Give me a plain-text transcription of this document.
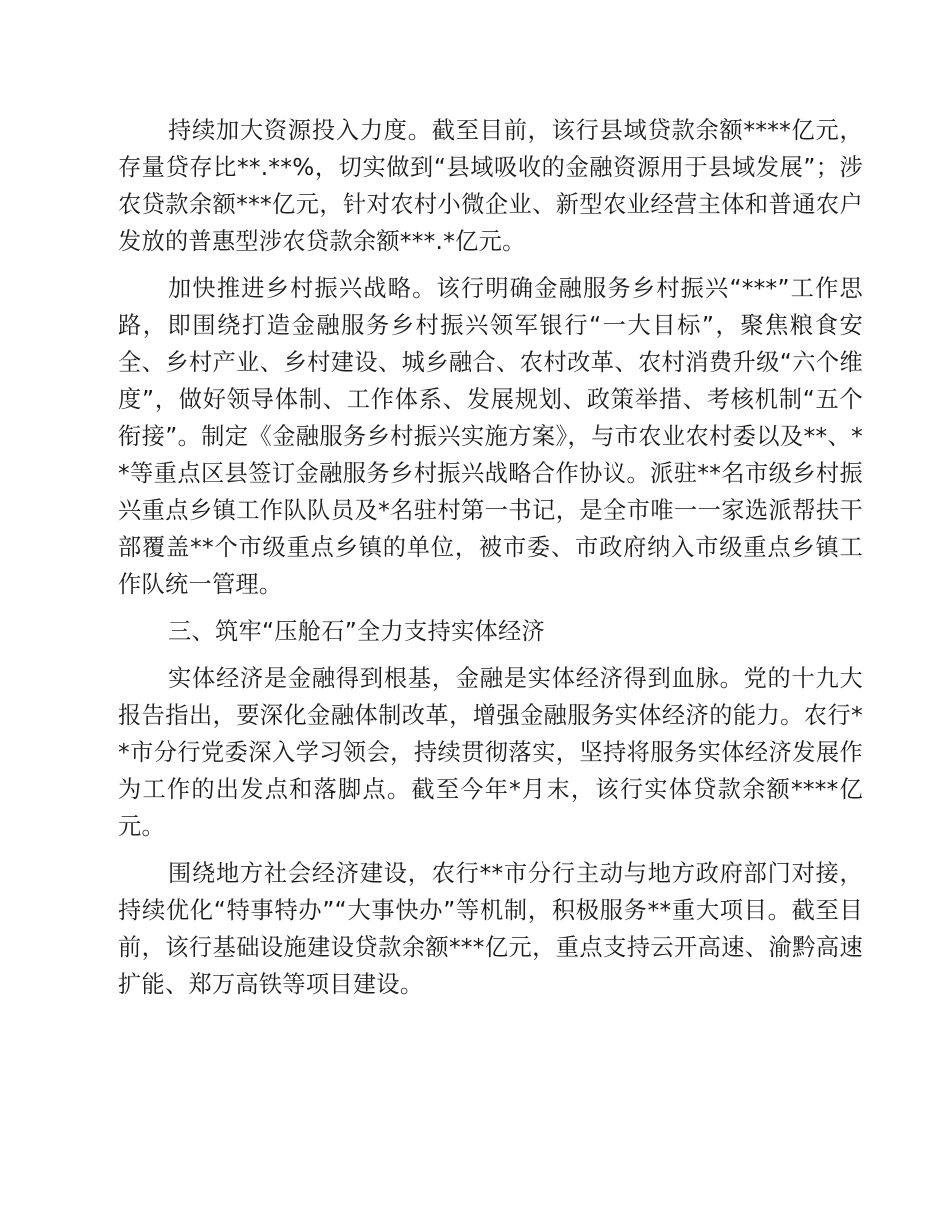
持续加大资源投入力度。截至目前，该行县域贷款余额****亿元，存量贷存比**.**%，切实做到“县域吸收的金融资源用于县域发展”；涉农贷款余额***亿元，针对农村小微企业、新型农业经营主体和普通农户发放的普惠型涉农贷款余额***.*亿元。

加快推进乡村振兴战略。该行明确金融服务乡村振兴“***”工作思路，即围绕打造金融服务乡村振兴领军银行“一大目标”，聚焦粮食安全、乡村产业、乡村建设、城乡融合、农村改革、农村消费升级“六个维度”，做好领导体制、工作体系、发展规划、政策举措、考核机制“五个衔接”。制定《金融服务乡村振兴实施方案》，与市农业农村委以及**、**等重点区县签订金融服务乡村振兴战略合作协议。派驻**名市级乡村振兴重点乡镇工作队队员及*名驻村第一书记，是全市唯一一家选派帮扶干部覆盖**个市级重点乡镇的单位，被市委、市政府纳入市级重点乡镇工作队统一管理。

三、筑牢“压舱石”全力支持实体经济

实体经济是金融得到根基，金融是实体经济得到血脉。党的十九大报告指出，要深化金融体制改革，增强金融服务实体经济的能力。农行**市分行党委深入学习领会，持续贯彻落实，坚持将服务实体经济发展作为工作的出发点和落脚点。截至今年*月末，该行实体贷款余额****亿元。

围绕地方社会经济建设，农行**市分行主动与地方政府部门对接，持续优化“特事特办”“大事快办”等机制，积极服务**重大项目。截至目前，该行基础设施建设贷款余额***亿元，重点支持云开高速、渝黔高速扩能、郑万高铁等项目建设。
